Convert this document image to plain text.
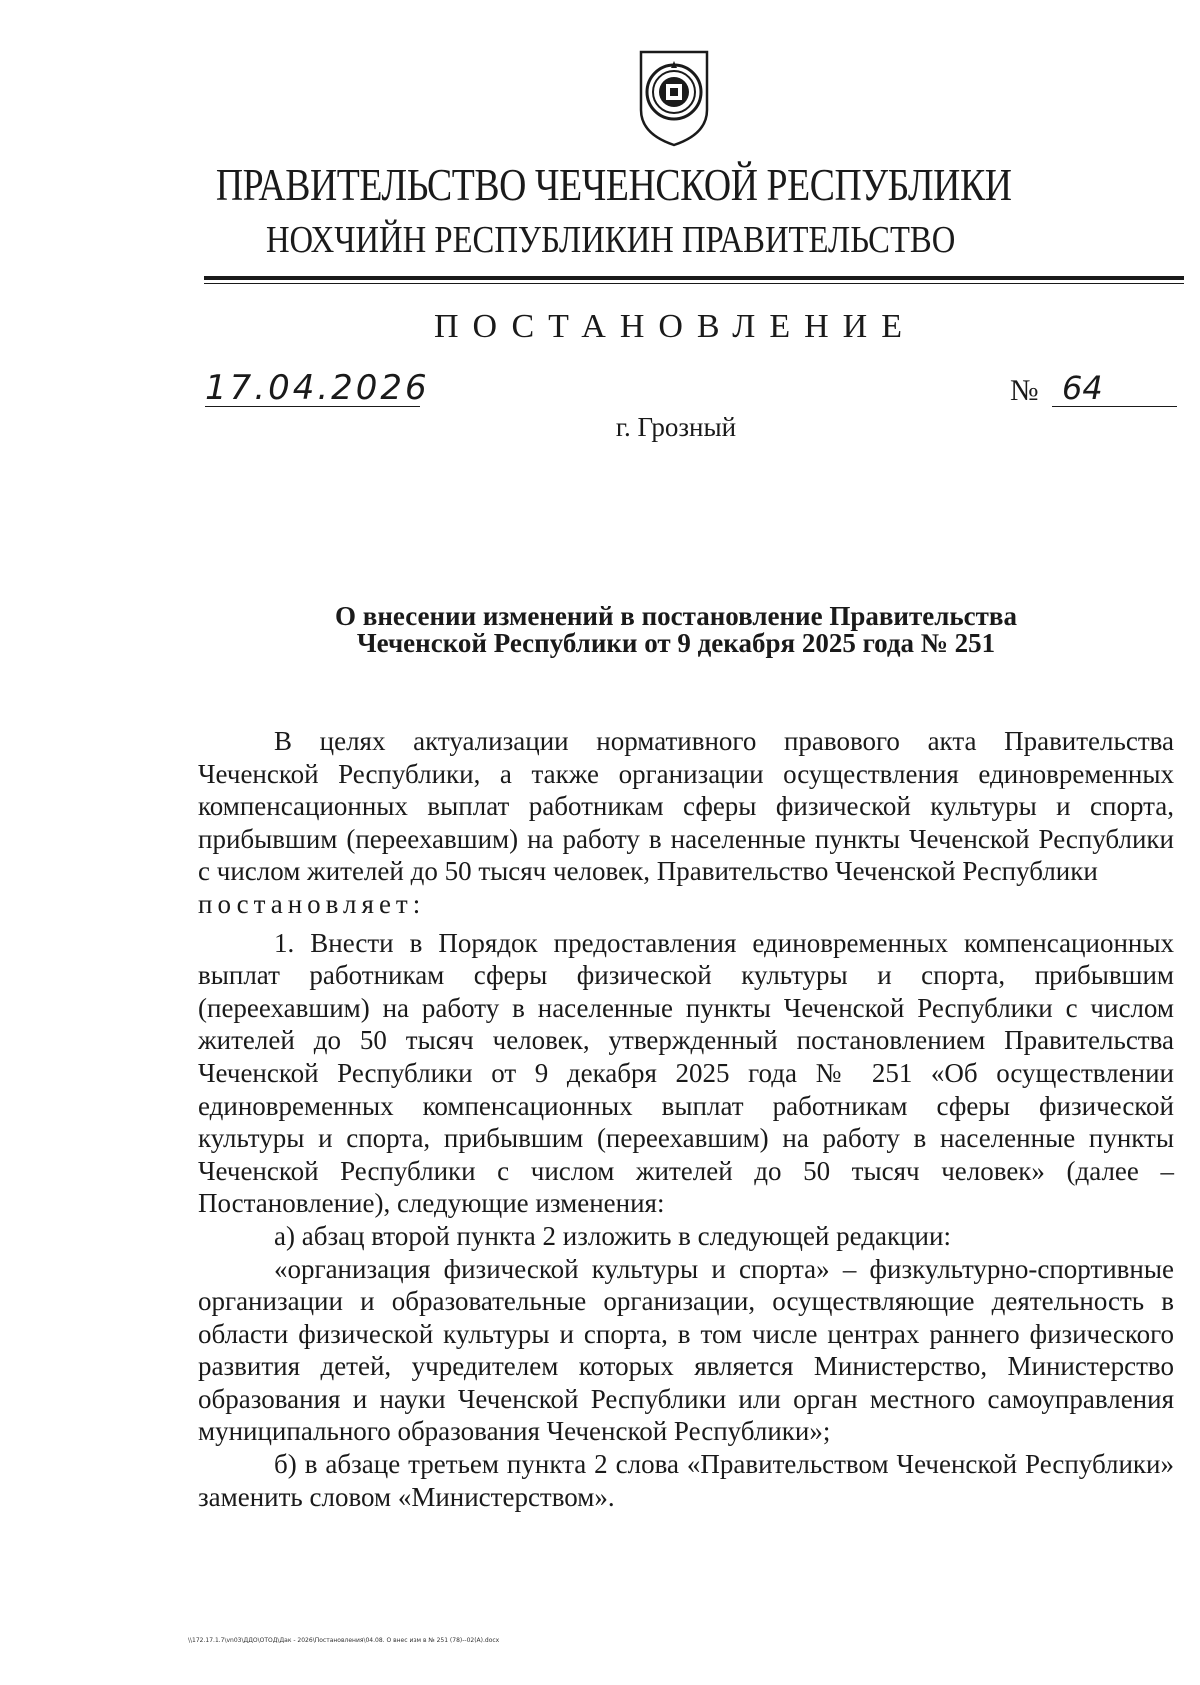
ПРАВИТЕЛЬСТВО ЧЕЧЕНСКОЙ РЕСПУБЛИКИ
НОХЧИЙН РЕСПУБЛИКИН ПРАВИТЕЛЬСТВО
ПОСТАНОВЛЕНИЕ
17.04.2026	№ 64
г. Грозный
О внесении изменений в постановление Правительства
Чеченской Республики от 9 декабря 2025 года № 251

В целях актуализации нормативного правового акта Правительства Чеченской Республики, а также организации осуществления единовременных компенсационных выплат работникам сферы физической культуры и спорта, прибывшим (переехавшим) на работу в населенные пункты Чеченской Республики с числом жителей до 50 тысяч человек, Правительство Чеченской Республики

постановляет:

1. Внести в Порядок предоставления единовременных компенсационных выплат работникам сферы физической культуры и спорта, прибывшим (переехавшим) на работу в населенные пункты Чеченской Республики с числом жителей до 50 тысяч человек, утвержденный постановлением Правительства Чеченской Республики от 9 декабря 2025 года № 251 «Об осуществлении единовременных компенсационных выплат работникам сферы физической культуры и спорта, прибывшим (переехавшим) на работу в населенные пункты Чеченской Республики с числом жителей до 50 тысяч человек» (далее – Постановление), следующие изменения:

а) абзац второй пункта 2 изложить в следующей редакции:

«организация физической культуры и спорта» – физкультурно-спортивные организации и образовательные организации, осуществляющие деятельность в области физической культуры и спорта, в том числе центрах раннего физического развития детей, учредителем которых является Министерство, Министерство образования и науки Чеченской Республики или орган местного самоуправления муниципального образования Чеченской Республики»;

б) в абзаце третьем пункта 2 слова «Правительством Чеченской Республики» заменить словом «Министерством».

\\172.17.1.7\vn03\ДДО\ОТОД\Дак - 2026\Постановления\04.08. О внес изм в № 251 (78)--02(А).docx
